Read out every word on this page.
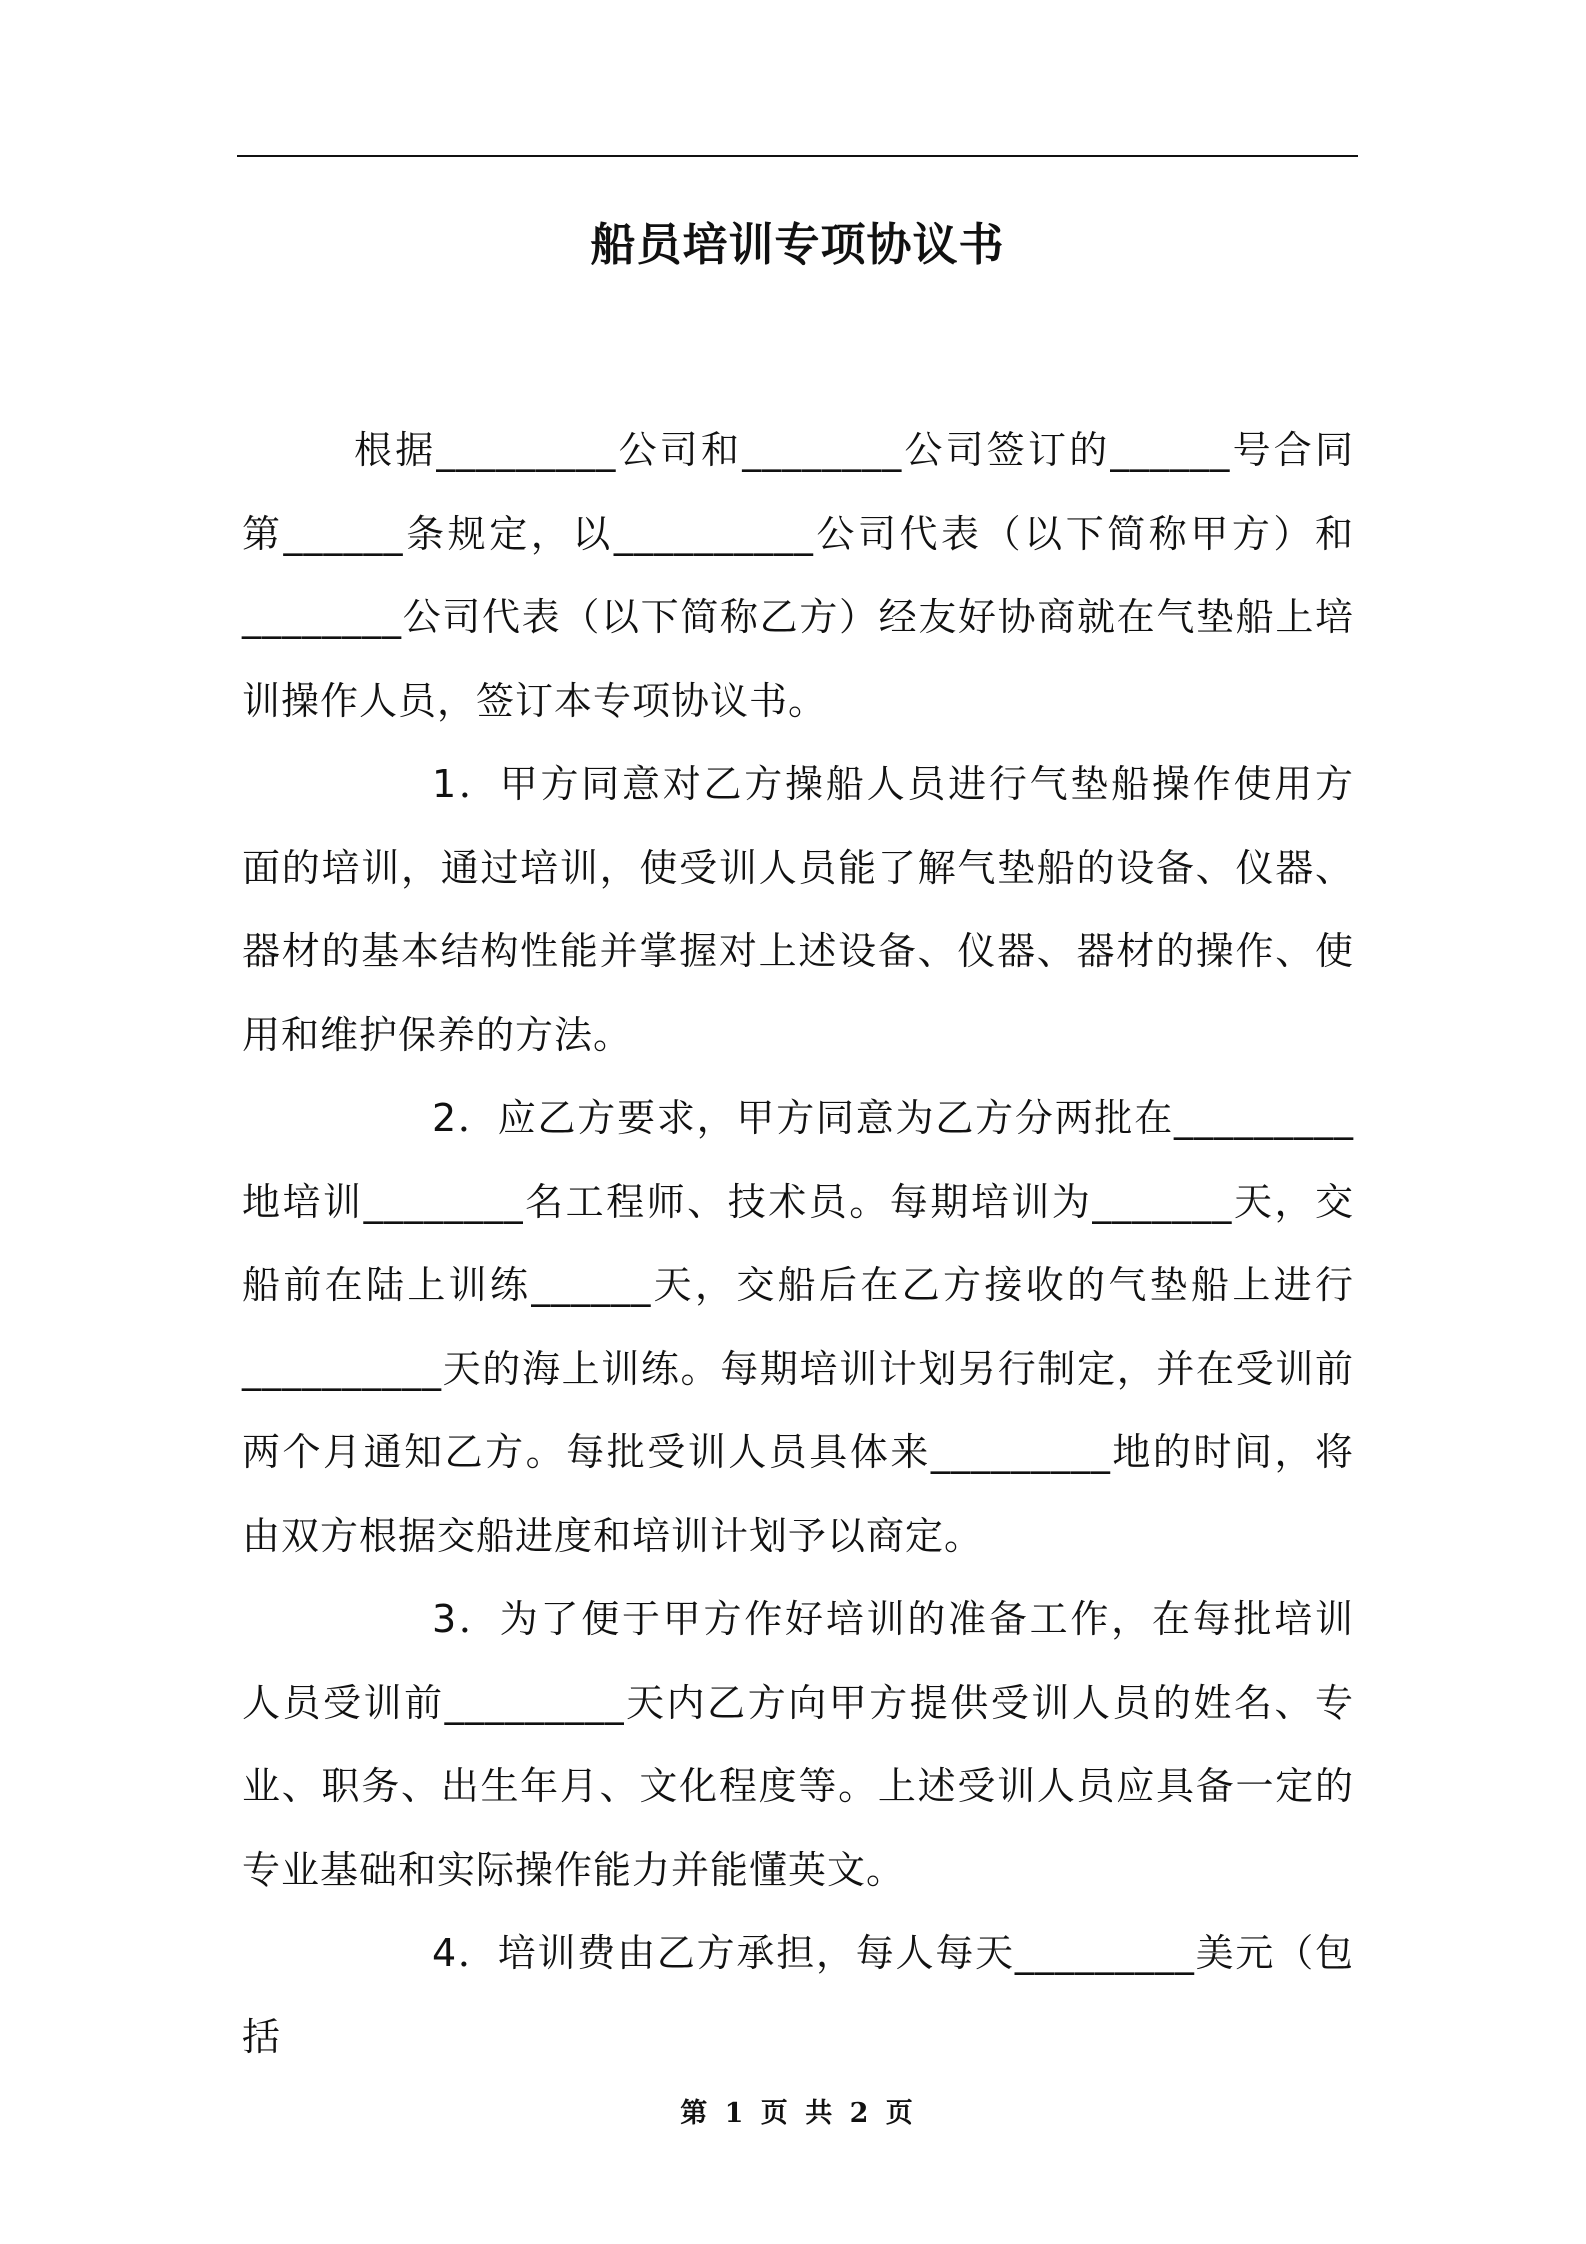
船员培训专项协议书

根据_________公司和________公司签订的______号合同第______条规定，以__________公司代表（以下简称甲方）和________公司代表（以下简称乙方）经友好协商就在气垫船上培训操作人员，签订本专项协议书。

1．甲方同意对乙方操船人员进行气垫船操作使用方面的培训，通过培训，使受训人员能了解气垫船的设备、仪器、器材的基本结构性能并掌握对上述设备、仪器、器材的操作、使用和维护保养的方法。

2．应乙方要求，甲方同意为乙方分两批在_________地培训________名工程师、技术员。每期培训为_______天，交船前在陆上训练______天，交船后在乙方接收的气垫船上进行__________天的海上训练。每期培训计划另行制定，并在受训前两个月通知乙方。每批受训人员具体来_________地的时间，将由双方根据交船进度和培训计划予以商定。

3．为了便于甲方作好培训的准备工作，在每批培训人员受训前_________天内乙方向甲方提供受训人员的姓名、专业、职务、出生年月、文化程度等。上述受训人员应具备一定的专业基础和实际操作能力并能懂英文。

4．培训费由乙方承担，每人每天_________美元（包括

第 1 页 共 2 页
